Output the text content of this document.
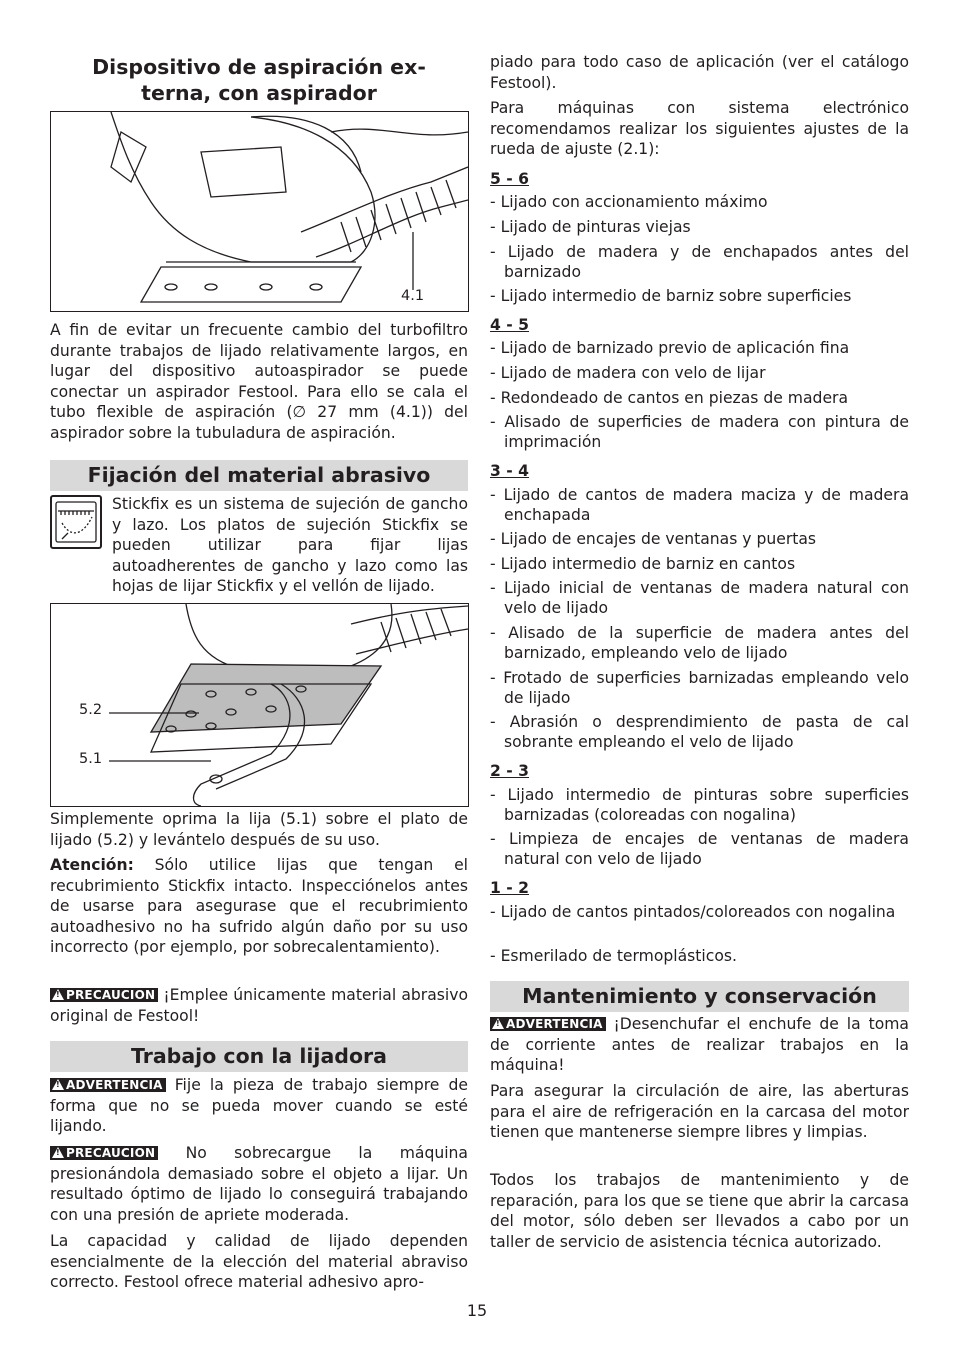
Dispositivo de aspiración ex-
terna, con aspirador
4.1

A fin de evitar un frecuente cambio del turbofiltro durante trabajos de lijado relativamente largos, en lugar del dispositivo autoaspirador se puede conectar un aspirador Festool. Para ello se cala el tubo flexible de aspiración (∅ 27 mm (4.1)) del aspirador sobre la tubuladura de aspiración.

Fijación del material abrasivo

Stickfix es un sistema de sujeción de gancho y lazo. Los platos de sujeción Stickfix se pueden utilizar para fijar lijas autoadherentes de gancho y lazo como las hojas de lijar Stickfix y el vellón de lijado.

5.2
5.1

Simplemente oprima la lija (5.1) sobre el plato de lijado (5.2) y levántelo después de su uso.

Atención: Sólo utilice lijas que tengan el recubrimiento Stickfix intacto. Inspecciónelos antes de usarse para asegurase que el recubrimiento autoadhesivo no ha sufrido algún daño por su uso incorrecto (por ejemplo, por sobrecalentamiento).

!PRECAUCION ¡Emplee únicamente material abrasivo original de Festool!

Trabajo con la lijadora

!ADVERTENCIA Fije la pieza de trabajo siempre de forma que no se pueda mover cuando se esté lijando.

!PRECAUCION No sobrecargue la máquina presionándola demasiado sobre el objeto a lijar. Un resultado óptimo de lijado lo conseguirá trabajando con una presión de apriete moderada.

La capacidad y calidad de lijado dependen esencialmente de la elección del material abraviso correcto. Festool ofrece material adhesivo apro-

piado para todo caso de aplicación (ver el catálogo Festool).

Para máquinas con sistema electrónico recomendamos realizar los siguientes ajustes de la rueda de ajuste (2.1):

5 - 6
- Lijado con accionamiento máximo
- Lijado de pinturas viejas
- Lijado de madera y de enchapados antes del barnizado
- Lijado intermedio de barniz sobre superficies
4 - 5
- Lijado de barnizado previo de aplicación fina
- Lijado de madera con velo de lijar
- Redondeado de cantos en piezas de madera
- Alisado de superficies de madera con pintura de imprimación
3 - 4
- Lijado de cantos de madera maciza y de madera enchapada
- Lijado de encajes de ventanas y puertas
- Lijado intermedio de barniz en cantos
- Lijado inicial de ventanas de madera natural con velo de lijado
- Alisado de la superficie de madera antes del barnizado, empleando velo de lijado
- Frotado de superficies barnizadas empleando velo de lijado
- Abrasión o desprendimiento de pasta de cal sobrante empleando el velo de lijado
2 - 3
- Lijado intermedio de pinturas sobre superficies barnizadas (coloreadas con nogalina)
- Limpieza de encajes de ventanas de madera natural con velo de lijado
1 - 2
- Lijado de cantos pintados/coloreados con nogalina
- Esmerilado de termoplásticos.
Mantenimiento y conservación

!ADVERTENCIA ¡Desenchufar el enchufe de la toma de corriente antes de realizar trabajos en la máquina!

Para asegurar la circulación de aire, las aberturas para el aire de refrigeración en la carcasa del motor tienen que mantenerse siempre libres y limpias.

Todos los trabajos de mantenimiento y de reparación, para los que se tiene que abrir la carcasa del motor, sólo deben ser llevados a cabo por un taller de servicio de asistencia técnica autorizado.

15
